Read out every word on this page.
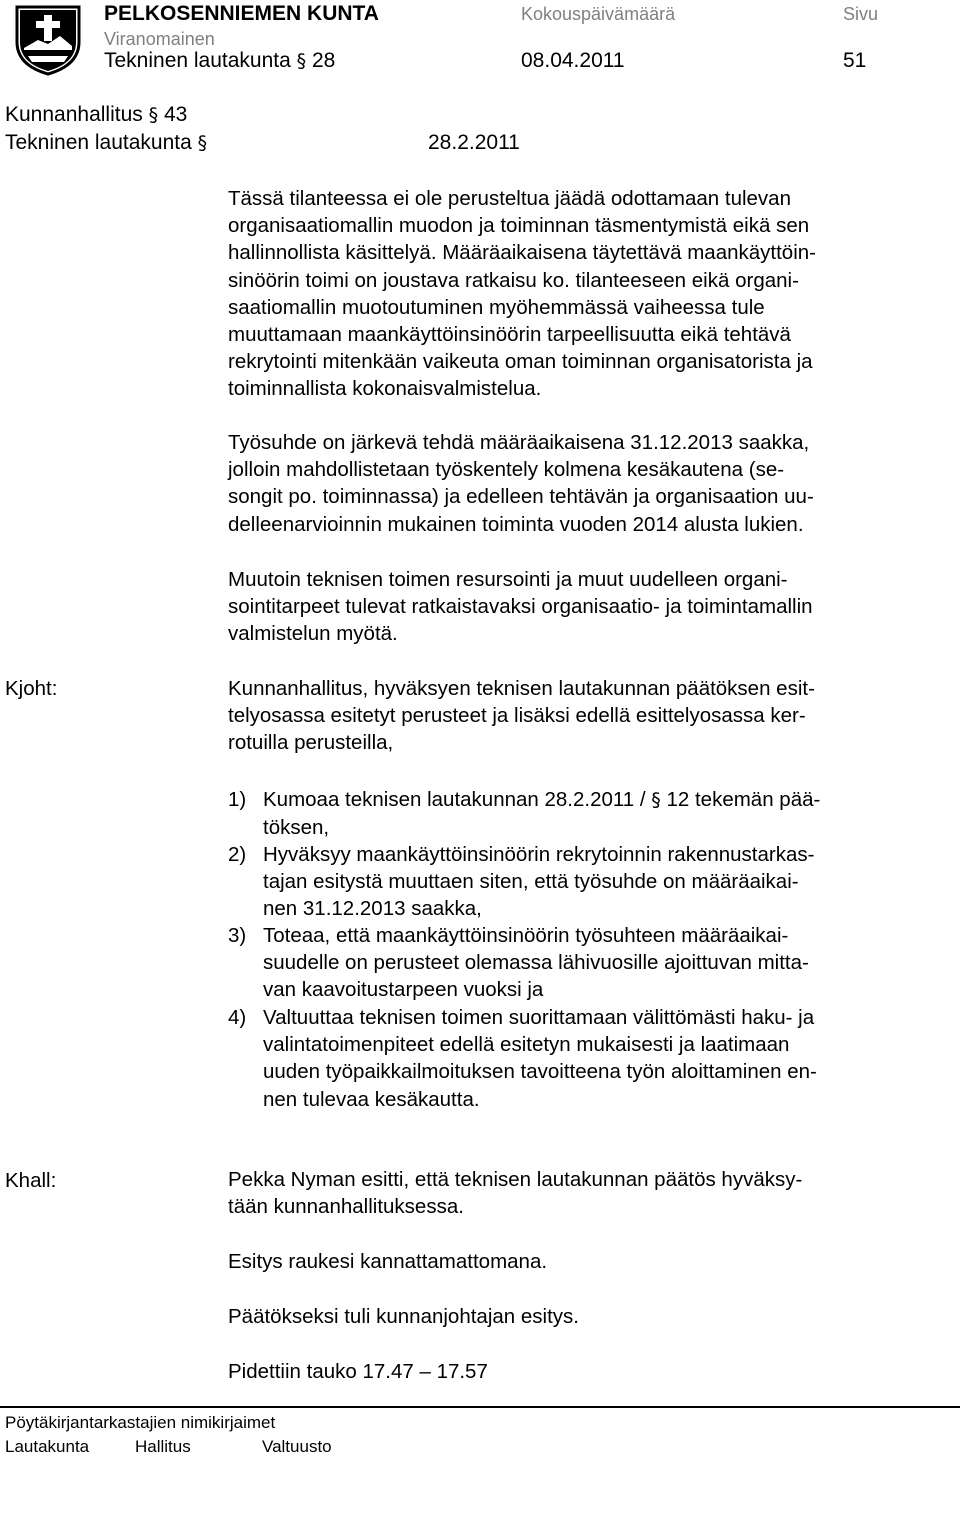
PELKOSENNIEMEN KUNTA
Viranomainen
Kokouspäivämäärä	Sivu
Tekninen lautakunta § 28	08.04.2011	51
Kunnanhallitus § 43
Tekninen lautakunta §	28.2.2011
Tässä tilanteessa ei ole perusteltua jäädä odottamaan tulevan
organisaatiomallin muodon ja toiminnan täsmentymistä eikä sen
hallinnollista käsittelyä. Määräaikaisena täytettävä maankäyttöin-
sinöörin toimi on joustava ratkaisu ko. tilanteeseen eikä organi-
saatiomallin muotoutuminen myöhemmässä vaiheessa tule
muuttamaan maankäyttöinsinöörin tarpeellisuutta eikä tehtävä
rekrytointi mitenkään vaikeuta oman toiminnan organisatorista ja
toiminnallista kokonaisvalmistelua.
Työsuhde on järkevä tehdä määräaikaisena 31.12.2013 saakka,
jolloin mahdollistetaan työskentely kolmena kesäkautena (se-
songit po. toiminnassa) ja edelleen tehtävän ja organisaation uu-
delleenarvioinnin mukainen toiminta vuoden 2014 alusta lukien.
Muutoin teknisen toimen resursointi ja muut uudelleen organi-
sointitarpeet tulevat ratkaistavaksi organisaatio- ja toimintamallin
valmistelun myötä.
Kjoht:	Kunnanhallitus, hyväksyen teknisen lautakunnan päätöksen esit-
telyosassa esitetyt perusteet ja lisäksi edellä esittelyosassa ker-
rotuilla perusteilla,
1) Kumoaa teknisen lautakunnan 28.2.2011 / § 12 tekemän pää-
töksen,
2) Hyväksyy maankäyttöinsinöörin rekrytoinnin rakennustarkas-
tajan esitystä muuttaen siten, että työsuhde on määräaikai-
nen 31.12.2013 saakka,
3) Toteaa, että maankäyttöinsinöörin työsuhteen määräaikai-
suudelle on perusteet olemassa lähivuosille ajoittuvan mitta-
van kaavoitustarpeen vuoksi ja
4) Valtuuttaa teknisen toimen suorittamaan välittömästi haku- ja
valintatoimenpiteet edellä esitetyn mukaisesti ja laatimaan
uuden työpaikkailmoituksen tavoitteena työn aloittaminen en-
nen tulevaa kesäkautta.
Khall:	Pekka Nyman esitti, että teknisen lautakunnan päätös hyväksy-
tään kunnanhallituksessa.
Esitys raukesi kannattamattomana.
Päätökseksi tuli kunnanjohtajan esitys.
Pidettiin tauko 17.47 – 17.57
Pöytäkirjantarkastajien nimikirjaimet
Lautakunta	Hallitus	Valtuusto
